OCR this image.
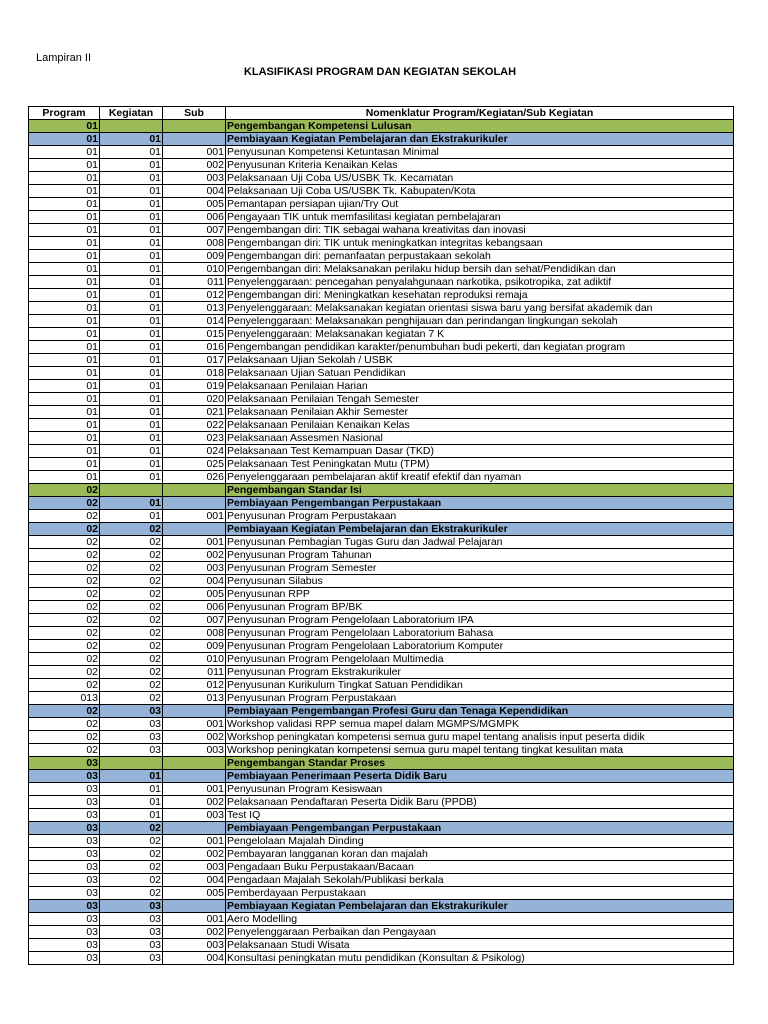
Lampiran II
KLASIFIKASI PROGRAM DAN KEGIATAN SEKOLAH
Program	Kegiatan	Sub	Nomenklatur Program/Kegiatan/Sub Kegiatan
01			Pengembangan Kompetensi Lulusan
01	01		Pembiayaan Kegiatan Pembelajaran dan Ekstrakurikuler
01	01	001	Penyusunan Kompetensi Ketuntasan Minimal
01	01	002	Penyusunan Kriteria Kenaikan Kelas
01	01	003	Pelaksanaan Uji Coba US/USBK Tk. Kecamatan
01	01	004	Pelaksanaan Uji Coba US/USBK Tk. Kabupaten/Kota
01	01	005	Pemantapan persiapan ujian/Try Out
01	01	006	Pengayaan TIK untuk memfasilitasi kegiatan pembelajaran
01	01	007	Pengembangan diri: TIK sebagai wahana kreativitas dan inovasi
01	01	008	Pengembangan diri: TIK untuk meningkatkan integritas kebangsaan
01	01	009	Pengembangan diri: pemanfaatan perpustakaan sekolah
01	01	010	Pengembangan diri: Melaksanakan perilaku hidup bersih dan sehat/Pendidikan dan
01	01	011	Penyelenggaraan: pencegahan penyalahgunaan narkotika, psikotropika, zat adiktif
01	01	012	Pengembangan diri: Meningkatkan kesehatan reproduksi remaja
01	01	013	Penyelenggaraan: Melaksanakan kegiatan orientasi siswa baru yang bersifat akademik dan
01	01	014	Penyelenggaraan: Melaksanakan penghijauan dan perindangan lingkungan sekolah
01	01	015	Penyelenggaraan: Melaksanakan kegiatan 7 K
01	01	016	Pengembangan pendidikan karakter/penumbuhan budi pekerti, dan kegiatan program
01	01	017	Pelaksanaan Ujian Sekolah / USBK
01	01	018	Pelaksanaan Ujian Satuan Pendidikan
01	01	019	Pelaksanaan Penilaian Harian
01	01	020	Pelaksanaan Penilaian Tengah Semester
01	01	021	Pelaksanaan Penilaian Akhir Semester
01	01	022	Pelaksanaan Penilaian Kenaikan Kelas
01	01	023	Pelaksanaan Assesmen Nasional
01	01	024	Pelaksanaan Test Kemampuan Dasar (TKD)
01	01	025	Pelaksanaan Test Peningkatan Mutu (TPM)
01	01	026	Penyelenggaraan pembelajaran aktif kreatif efektif dan nyaman
02			Pengembangan Standar Isi
02	01		Pembiayaan Pengembangan Perpustakaan
02	01	001	Penyusunan Program Perpustakaan
02	02		Pembiayaan Kegiatan Pembelajaran dan Ekstrakurikuler
02	02	001	Penyusunan Pembagian Tugas Guru dan Jadwal Pelajaran
02	02	002	Penyusunan Program Tahunan
02	02	003	Penyusunan Program Semester
02	02	004	Penyusunan Silabus
02	02	005	Penyusunan RPP
02	02	006	Penyusunan Program BP/BK
02	02	007	Penyusunan Program Pengelolaan Laboratorium IPA
02	02	008	Penyusunan Program Pengelolaan Laboratorium Bahasa
02	02	009	Penyusunan Program Pengelolaan Laboratorium Komputer
02	02	010	Penyusunan Program Pengelolaan Multimedia
02	02	011	Penyusunan Program Ekstrakurikuler
02	02	012	Penyusunan Kurikulum Tingkat Satuan Pendidikan
013	02	013	Penyusunan Program Perpustakaan
02	03		Pembiayaan Pengembangan Profesi Guru dan Tenaga Kependidikan
02	03	001	Workshop validasi RPP semua mapel dalam MGMPS/MGMPK
02	03	002	Workshop peningkatan kompetensi semua guru mapel tentang analisis input peserta didik
02	03	003	Workshop peningkatan kompetensi semua guru mapel tentang tingkat kesulitan mata
03			Pengembangan Standar Proses
03	01		Pembiayaan Penerimaan Peserta Didik Baru
03	01	001	Penyusunan Program Kesiswaan
03	01	002	Pelaksanaan Pendaftaran Peserta Didik Baru (PPDB)
03	01	003	Test IQ
03	02		Pembiayaan Pengembangan Perpustakaan
03	02	001	Pengelolaan Majalah Dinding
03	02	002	Pembayaran langganan koran dan majalah
03	02	003	Pengadaan Buku Perpustakaan/Bacaan
03	02	004	Pengadaan Majalah Sekolah/Publikasi berkala
03	02	005	Pemberdayaan Perpustakaan
03	03		Pembiayaan Kegiatan Pembelajaran dan Ekstrakurikuler
03	03	001	Aero Modelling
03	03	002	Penyelenggaraan Perbaikan dan Pengayaan
03	03	003	Pelaksanaan Studi Wisata
03	03	004	Konsultasi peningkatan mutu pendidikan (Konsultan & Psikolog)
